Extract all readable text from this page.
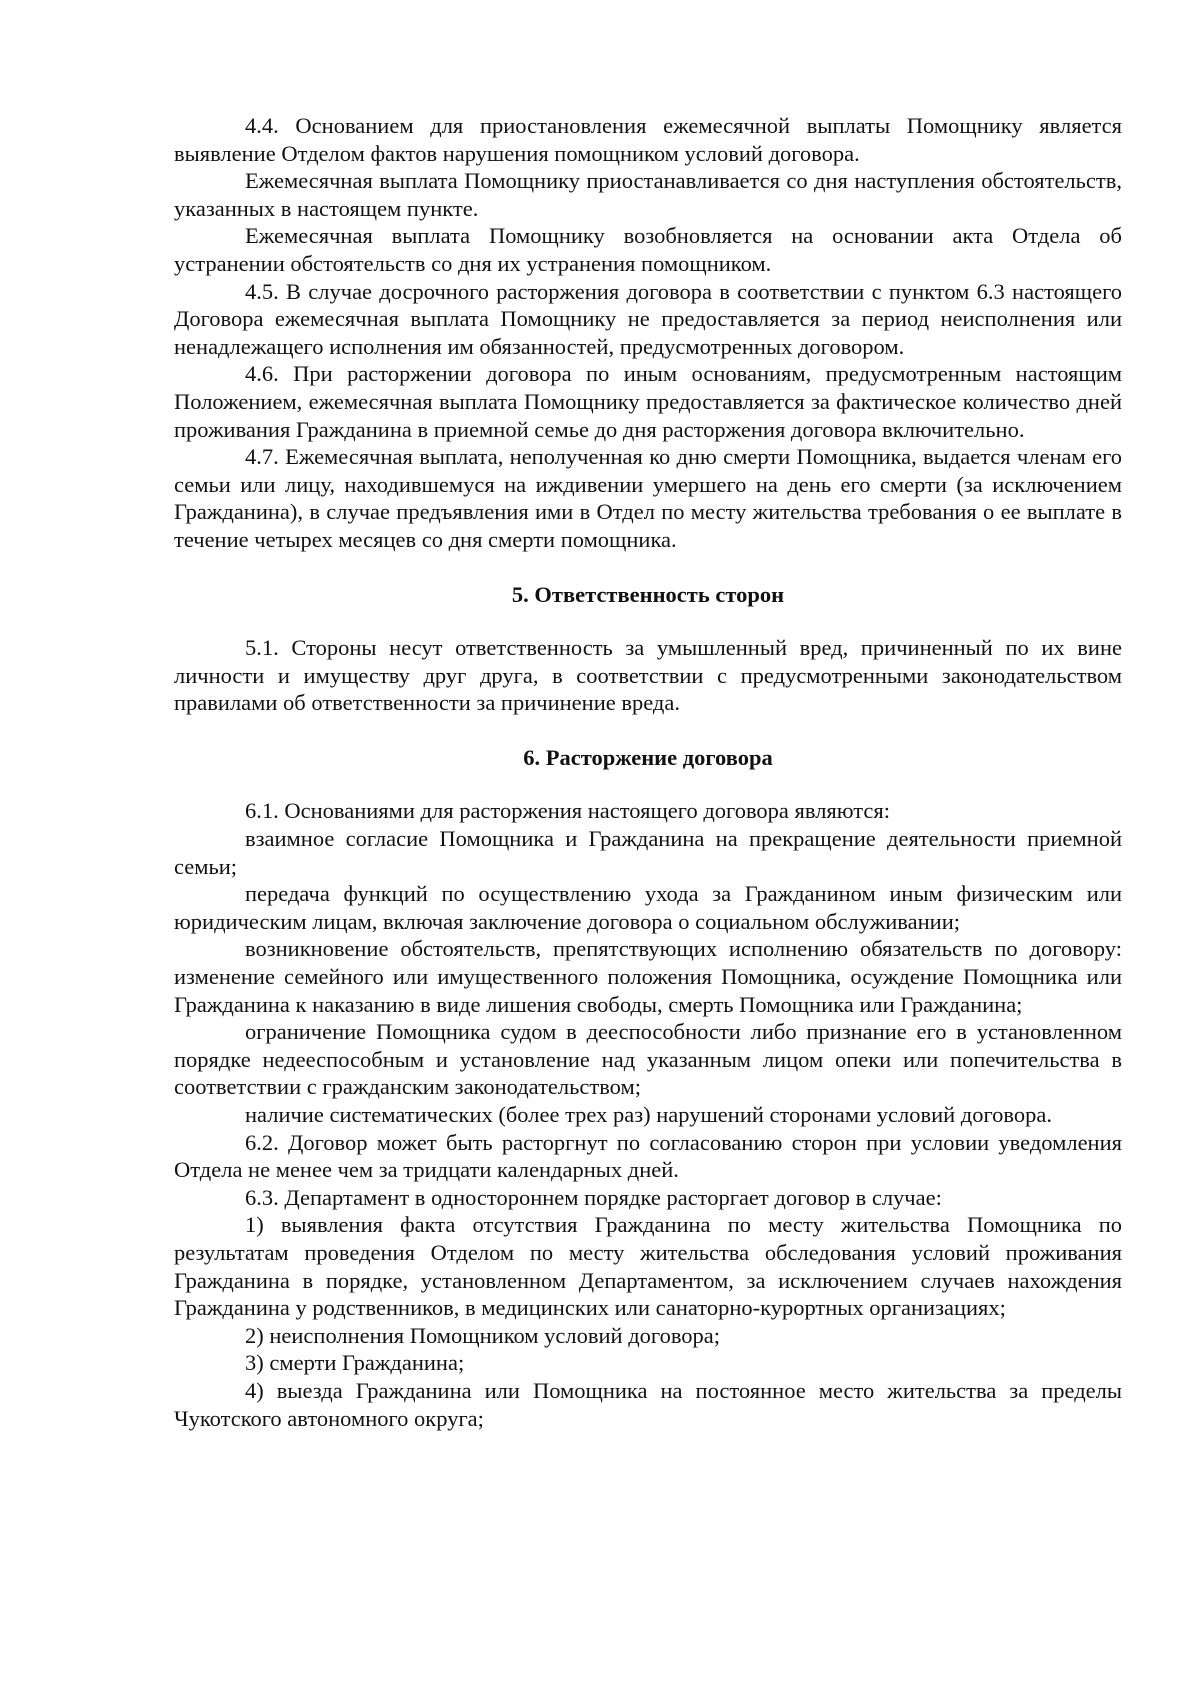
4.4. Основанием для приостановления ежемесячной выплаты Помощнику является выявление Отделом фактов нарушения помощником условий договора.

Ежемесячная выплата Помощнику приостанавливается со дня наступления обстоятельств, указанных в настоящем пункте.

Ежемесячная выплата Помощнику возобновляется на основании акта Отдела об устранении обстоятельств со дня их устранения помощником.

4.5. В случае досрочного расторжения договора в соответствии с пунктом 6.3 настоящего Договора ежемесячная выплата Помощнику не предоставляется за период неисполнения или ненадлежащего исполнения им обязанностей, предусмотренных договором.

4.6. При расторжении договора по иным основаниям, предусмотренным настоящим Положением, ежемесячная выплата Помощнику предоставляется за фактическое количество дней проживания Гражданина в приемной семье до дня расторжения договора включительно.

4.7. Ежемесячная выплата, неполученная ко дню смерти Помощника, выдается членам его семьи или лицу, находившемуся на иждивении умершего на день его смерти (за исключением Гражданина), в случае предъявления ими в Отдел по месту жительства требования о ее выплате в течение четырех месяцев со дня смерти помощника.

5. Ответственность сторон

5.1. Стороны несут ответственность за умышленный вред, причиненный по их вине личности и имуществу друг друга, в соответствии с предусмотренными законодательством правилами об ответственности за причинение вреда.

6. Расторжение договора

6.1. Основаниями для расторжения настоящего договора являются:

взаимное согласие Помощника и Гражданина на прекращение деятельности приемной семьи;

передача функций по осуществлению ухода за Гражданином иным физическим или юридическим лицам, включая заключение договора о социальном обслуживании;

возникновение обстоятельств, препятствующих исполнению обязательств по договору: изменение семейного или имущественного положения Помощника, осуждение Помощника или Гражданина к наказанию в виде лишения свободы, смерть Помощника или Гражданина;

ограничение Помощника судом в дееспособности либо признание его в установленном порядке недееспособным и установление над указанным лицом опеки или попечительства в соответствии с гражданским законодательством;

наличие систематических (более трех раз) нарушений сторонами условий договора.

6.2. Договор может быть расторгнут по согласованию сторон при условии уведомления Отдела не менее чем за тридцати календарных дней.

6.3. Департамент в одностороннем порядке расторгает договор в случае:

1) выявления факта отсутствия Гражданина по месту жительства Помощника по результатам проведения Отделом по месту жительства обследования условий проживания Гражданина в порядке, установленном Департаментом, за исключением случаев нахождения Гражданина у родственников, в медицинских или санаторно-курортных организациях;

2) неисполнения Помощником условий договора;

3) смерти Гражданина;

4) выезда Гражданина или Помощника на постоянное место жительства за пределы Чукотского автономного округа;
